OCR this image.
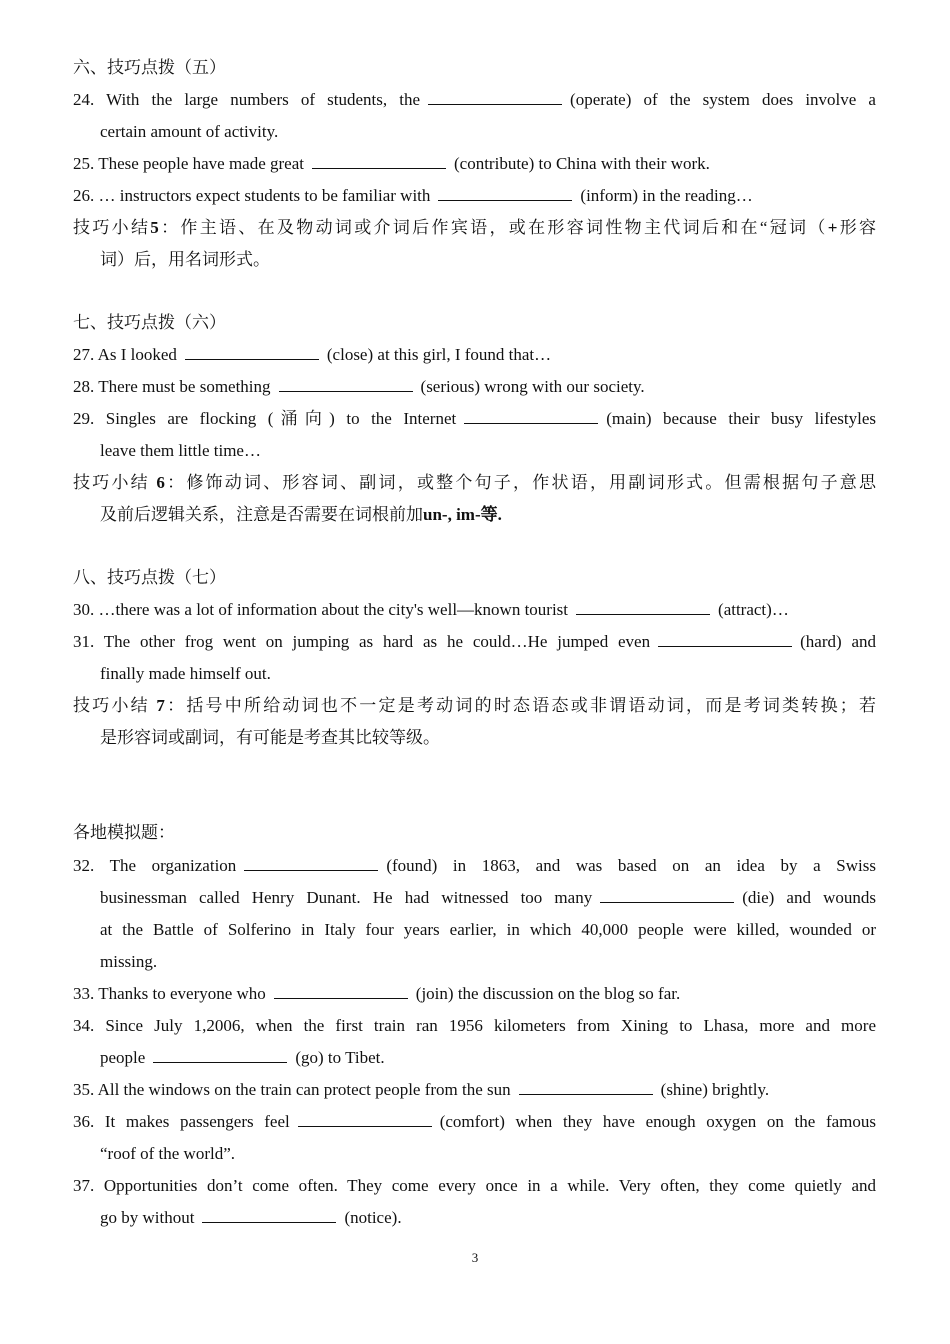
六、技巧点拨（五）
24. With the large numbers of students, the	(operate) of the system does involve a
certain amount of activity.
25. These people have made great	(contribute) to China with their work.
26. … instructors expect students to be familiar with	(inform) in the reading…
技巧小结5：作主语、在及物动词或介词后作宾语，或在形容词性物主代词后和在“冠词（+形容
词）后，用名词形式。
七、技巧点拨（六）
27. As I looked	(close) at this girl, I found that…
28. There must be something	(serious) wrong with our society.
29. Singles are flocking (涌向) to the Internet	(main) because their busy lifestyles
leave them little time…
技巧小结 6：修饰动词、形容词、副词，或整个句子，作状语，用副词形式。但需根据句子意思
及前后逻辑关系，注意是否需要在词根前加un-, im-等.
八、技巧点拨（七）
30. …there was a lot of information about the city's well—known tourist	(attract)…
31. The other frog went on jumping as hard as he could…He jumped even	(hard) and
finally made himself out.
技巧小结 7：括号中所给动词也不一定是考动词的时态语态或非谓语动词，而是考词类转换；若
是形容词或副词，有可能是考查其比较等级。
各地模拟题：
32. The organization	(found) in 1863, and was based on an idea by a Swiss
businessman called Henry Dunant. He had witnessed too many	(die) and wounds
at the Battle of Solferino in Italy four years earlier, in which 40,000 people were killed, wounded or
missing.
33. Thanks to everyone who	(join) the discussion on the blog so far.
34. Since July 1,2006, when the first train ran 1956 kilometers from Xining to Lhasa, more and more
people	(go) to Tibet.
35. All the windows on the train can protect people from the sun	(shine) brightly.
36. It makes passengers feel	(comfort) when they have enough oxygen on the famous
“roof of the world”.
37. Opportunities don’t come often. They come every once in a while. Very often, they come quietly and
go by without	(notice).
3
